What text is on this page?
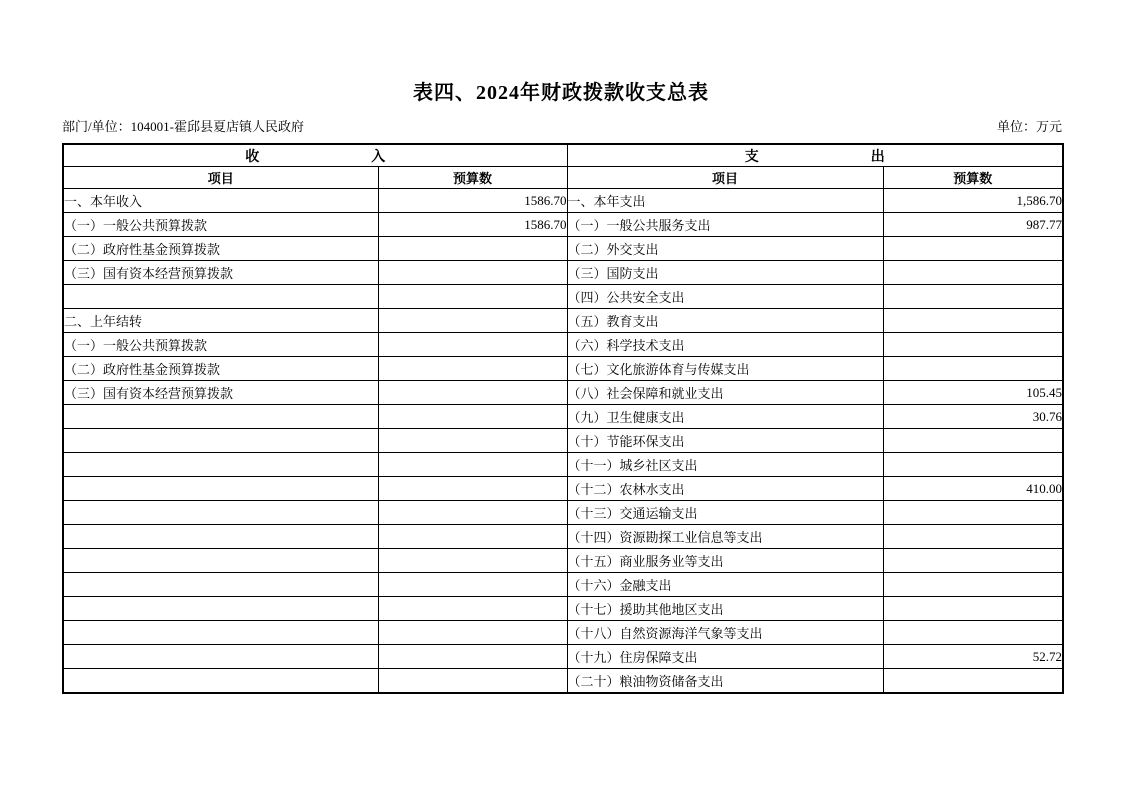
表四、2024年财政拨款收支总表
部门/单位：104001-霍邱县夏店镇人民政府	单位：万元
收　　　　　　　　入		支　　　　　　　　出	
项目	预算数	项目	预算数
一、本年收入	1586.70	一、本年支出	1,586.70
（一）一般公共预算拨款	1586.70	（一）一般公共服务支出	987.77
（二）政府性基金预算拨款		（二）外交支出	
（三）国有资本经营预算拨款		（三）国防支出	
		（四）公共安全支出	
二、上年结转		（五）教育支出	
（一）一般公共预算拨款		（六）科学技术支出	
（二）政府性基金预算拨款		（七）文化旅游体育与传媒支出	
（三）国有资本经营预算拨款		（八）社会保障和就业支出	105.45
		（九）卫生健康支出	30.76
		（十）节能环保支出	
		（十一）城乡社区支出	
		（十二）农林水支出	410.00
		（十三）交通运输支出	
		（十四）资源勘探工业信息等支出	
		（十五）商业服务业等支出	
		（十六）金融支出	
		（十七）援助其他地区支出	
		（十八）自然资源海洋气象等支出	
		（十九）住房保障支出	52.72
		（二十）粮油物资储备支出	
